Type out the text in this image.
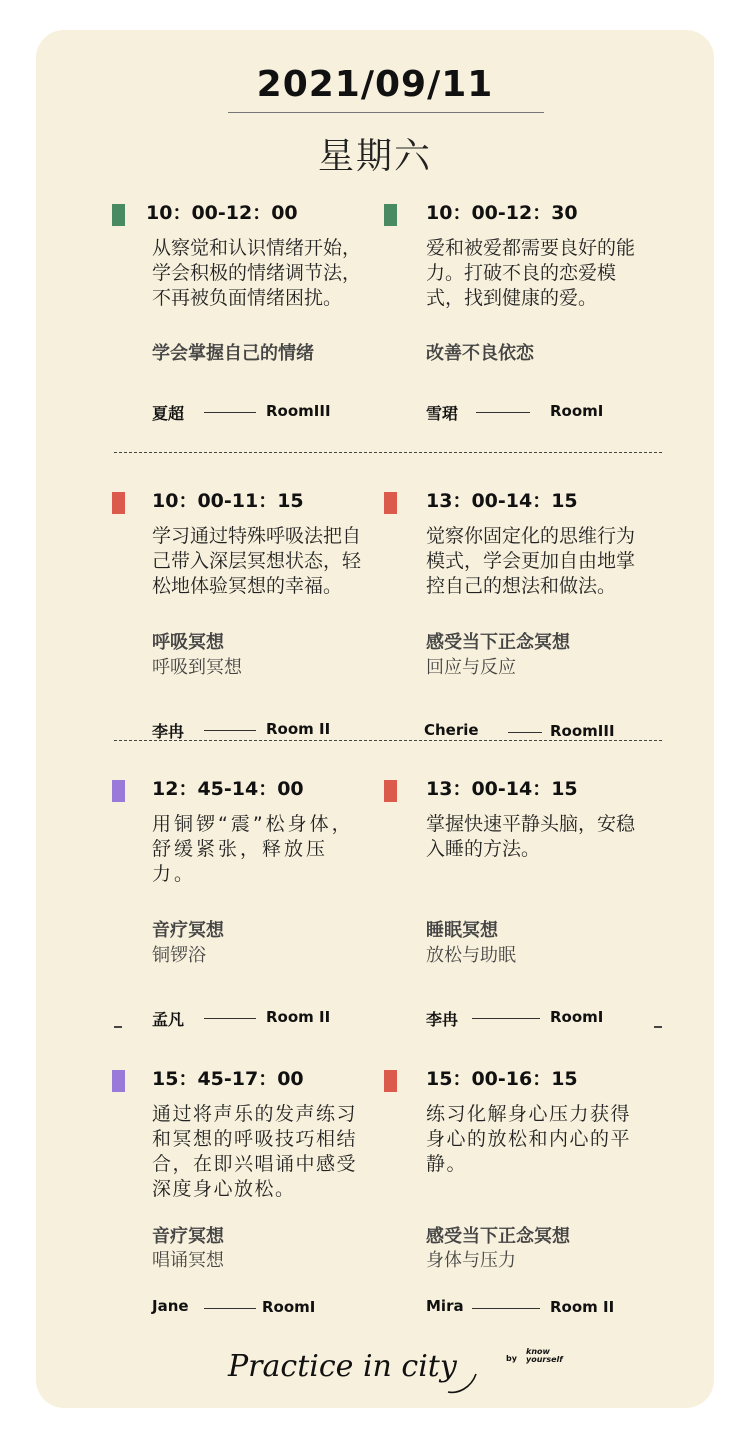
2021/09/11
星期六
10：00-12：00
从察觉和认识情绪开始，学会积极的情绪调节法，不再被负面情绪困扰。
学会掌握自己的情绪
夏超	RoomIII
10：00-12：30
爱和被爱都需要良好的能力。打破不良的恋爱模式，找到健康的爱。
改善不良依恋
雪珺	RoomI
10：00-11：15
学习通过特殊呼吸法把自己带入深层冥想状态，轻松地体验冥想的幸福。
呼吸冥想
呼吸到冥想
李冉	Room II
13：00-14：15
觉察你固定化的思维行为模式，学会更加自由地掌控自己的想法和做法。
感受当下正念冥想
回应与反应
Cherie	RoomIII
12：45-14：00
用铜锣“震”松身体，舒缓紧张，释放压力。
音疗冥想
铜锣浴
孟凡	Room II
13：00-14：15
掌握快速平静头脑，安稳入睡的方法。
睡眠冥想
放松与助眠
李冉	RoomI
15：45-17：00
通过将声乐的发声练习和冥想的呼吸技巧相结合，在即兴唱诵中感受深度身心放松。
音疗冥想
唱诵冥想
Jane	RoomI
15：00-16：15
练习化解身心压力获得身心的放松和内心的平静。
感受当下正念冥想
身体与压力
Mira	Room II
Practice in city	by
know
yourself
